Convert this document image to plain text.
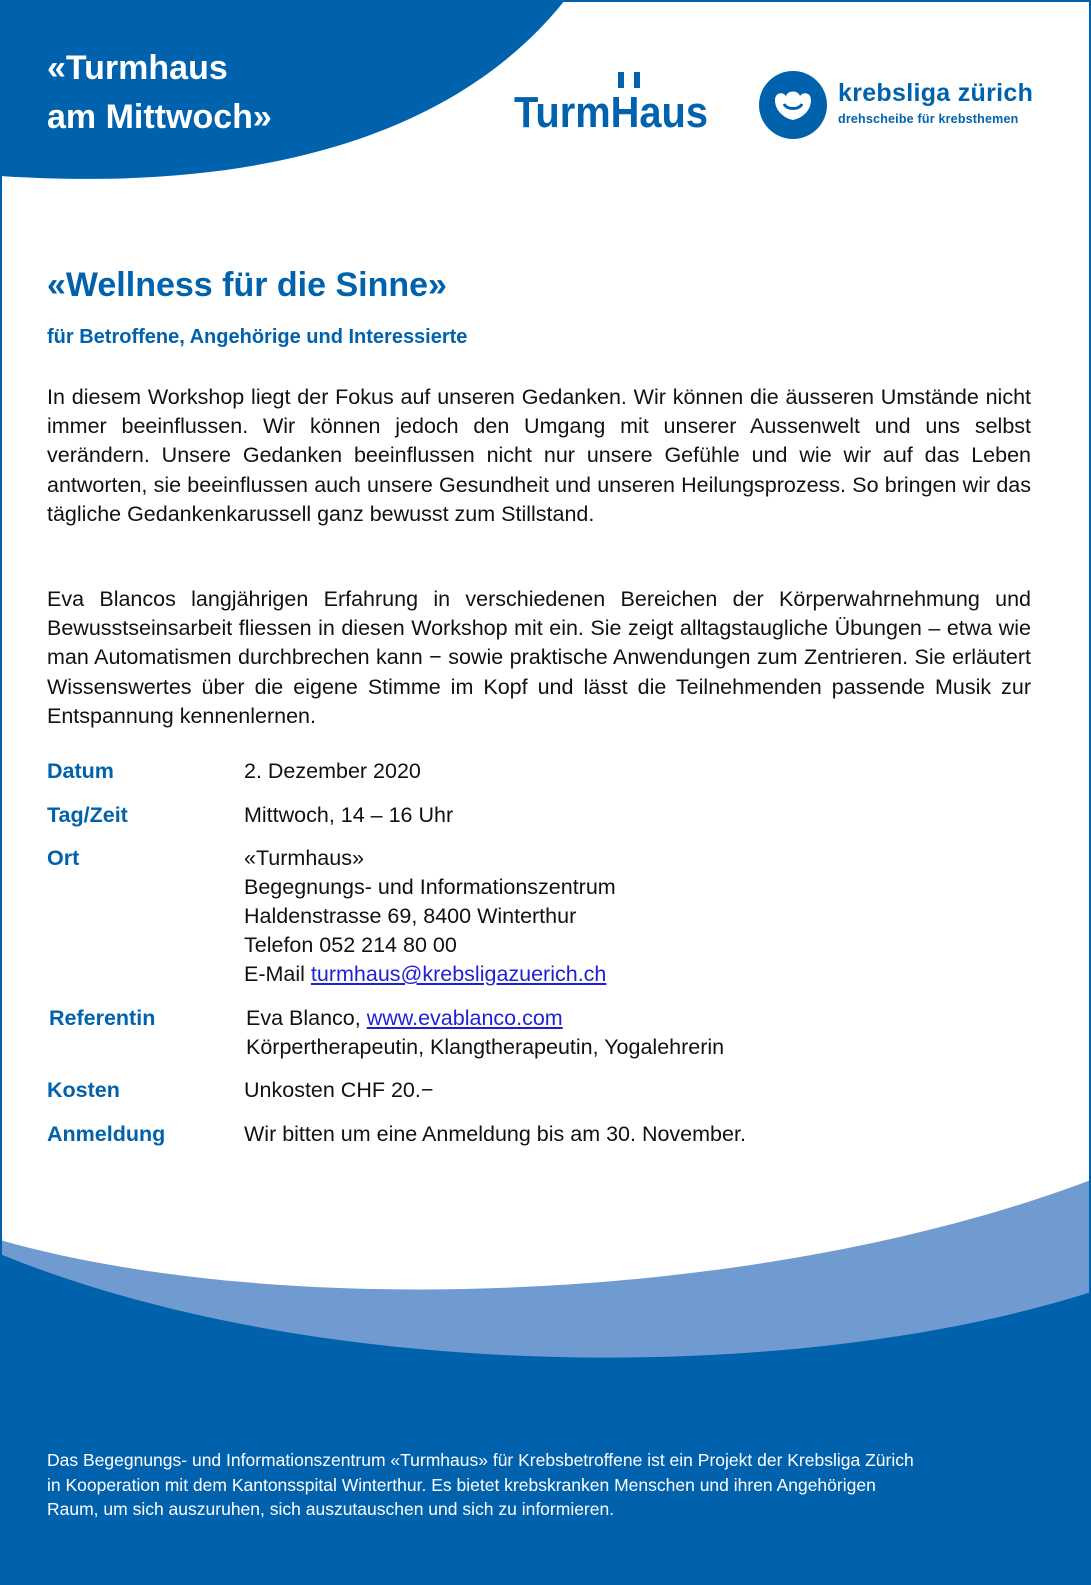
«Turmhaus
am Mittwoch»	TurmHaus	krebsliga zürich
drehscheibe für krebsthemen
«Wellness für die Sinne»
für Betroffene, Angehörige und Interessierte

In diesem Workshop liegt der Fokus auf unseren Gedanken. Wir können die äusseren Umstände nicht immer beeinflussen. Wir können jedoch den Umgang mit unserer Aussenwelt und uns selbst verändern. Unsere Gedanken beeinflussen nicht nur unsere Gefühle und wie wir auf das Leben antworten, sie beeinflussen auch unsere Gesundheit und unseren Heilungsprozess. So bringen wir das tägliche Gedankenkarussell ganz bewusst zum Stillstand.

Eva Blancos langjährigen Erfahrung in verschiedenen Bereichen der Körperwahrnehmung und Bewusstseinsarbeit fliessen in diesen Workshop mit ein. Sie zeigt alltagstaugliche Übungen – etwa wie man Automatismen durchbrechen kann − sowie praktische Anwendungen zum Zentrieren. Sie erläutert Wissenswertes über die eigene Stimme im Kopf und lässt die Teilnehmenden passende Musik zur Entspannung kennenlernen.

Datum	2. Dezember 2020
Tag/Zeit	Mittwoch, 14 – 16 Uhr
Ort	«Turmhaus»
Begegnungs- und Informationszentrum
Haldenstrasse 69, 8400 Winterthur
Telefon 052 214 80 00
E-Mail turmhaus@krebsligazuerich.ch
Referentin	Eva Blanco, www.evablanco.com
Körpertherapeutin, Klangtherapeutin, Yogalehrerin
Kosten	Unkosten CHF 20.−
Anmeldung	Wir bitten um eine Anmeldung bis am 30. November.
Das Begegnungs- und Informationszentrum «Turmhaus» für Krebsbetroffene ist ein Projekt der Krebsliga Zürich
in Kooperation mit dem Kantonsspital Winterthur. Es bietet krebskranken Menschen und ihren Angehörigen
Raum, um sich auszuruhen, sich auszutauschen und sich zu informieren.
